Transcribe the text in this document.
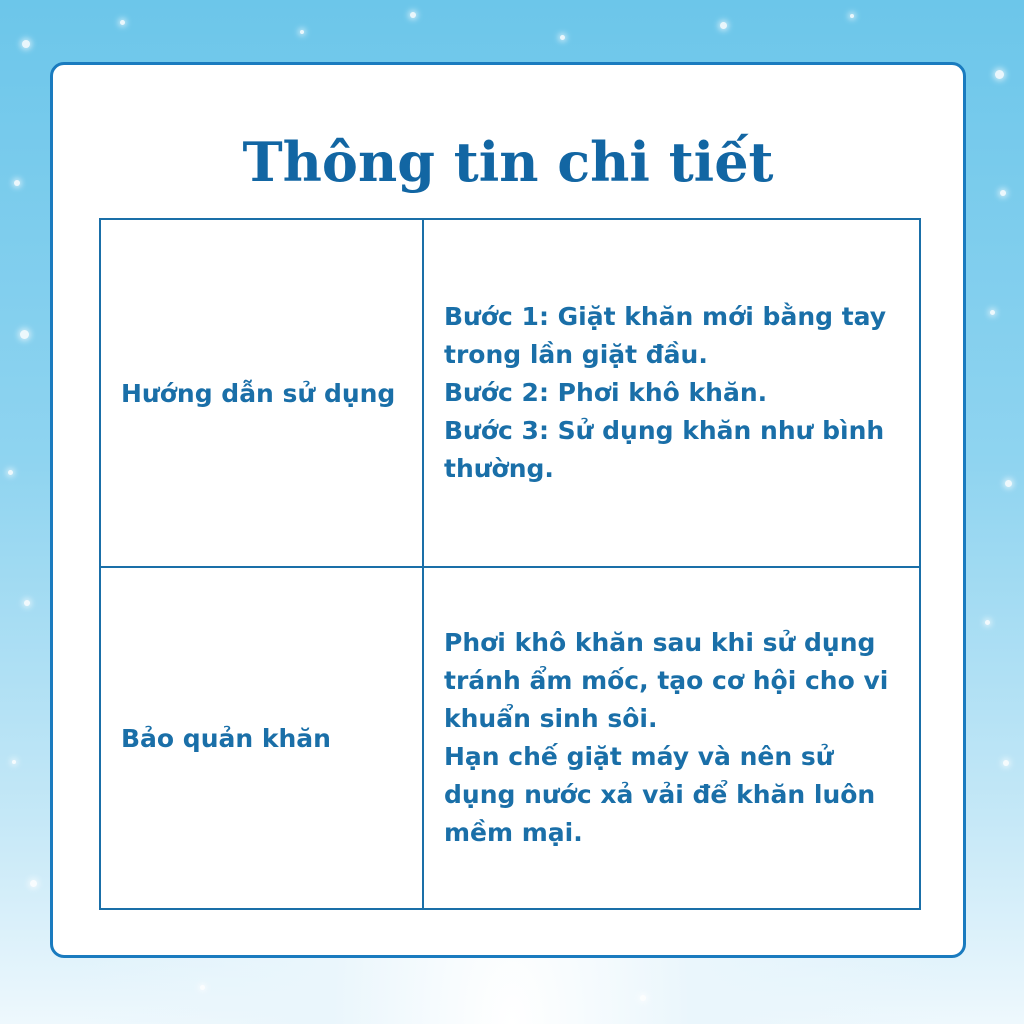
Thông tin chi tiết
Hướng dẫn sử dụng	Bước 1: Giặt khăn mới bằng tay trong lần giặt đầu.
Bước 2: Phơi khô khăn.
Bước 3: Sử dụng khăn như bình thường.

Bảo quản khăn	Phơi khô khăn sau khi sử dụng tránh ẩm mốc, tạo cơ hội cho vi khuẩn sinh sôi.
Hạn chế giặt máy và nên sử dụng nước xả vải để khăn luôn mềm mại.
